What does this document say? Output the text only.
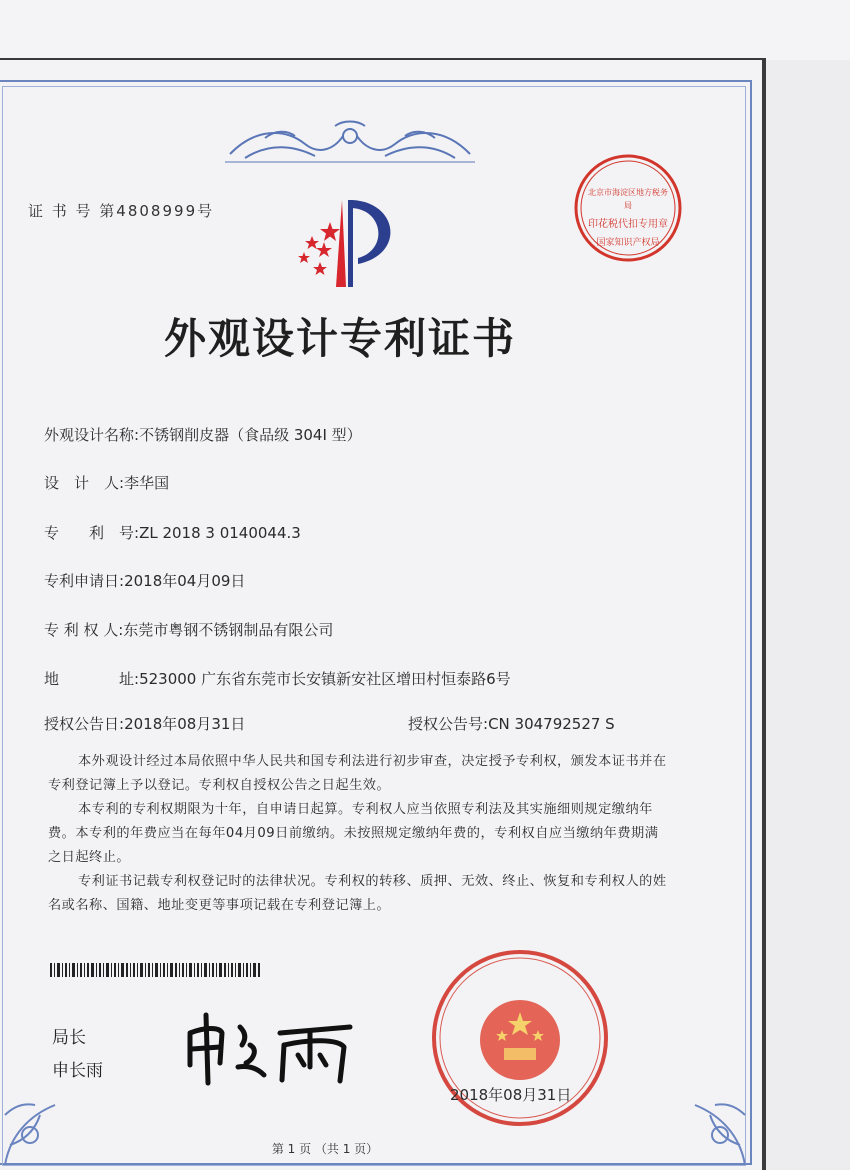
证 书 号 第4808999号
外观设计专利证书
外观设计名称:不锈钢削皮器（食品级 304I 型）
设　计　人:李华国
专　　利　号:ZL 2018 3 0140044.3
专利申请日:2018年04月09日
专 利 权 人:东莞市粤钢不锈钢制品有限公司
地　　　　址:523000 广东省东莞市长安镇新安社区增田村恒泰路6号
授权公告日:2018年08月31日	授权公告号:CN 304792527 S

本外观设计经过本局依照中华人民共和国专利法进行初步审查，决定授予专利权，颁发本证书并在专利登记簿上予以登记。专利权自授权公告之日起生效。

本专利的专利权期限为十年，自申请日起算。专利权人应当依照专利法及其实施细则规定缴纳年费。本专利的年费应当在每年04月09日前缴纳。未按照规定缴纳年费的，专利权自应当缴纳年费期满之日起终止。

专利证书记载专利权登记时的法律状况。专利权的转移、质押、无效、终止、恢复和专利权人的姓名或名称、国籍、地址变更等事项记载在专利登记簿上。

局长
申长雨
北京市海淀区地方税务局
印花税代扣专用章
国家知识产权局
2018年08月31日
第 1 页 （共 1 页）
